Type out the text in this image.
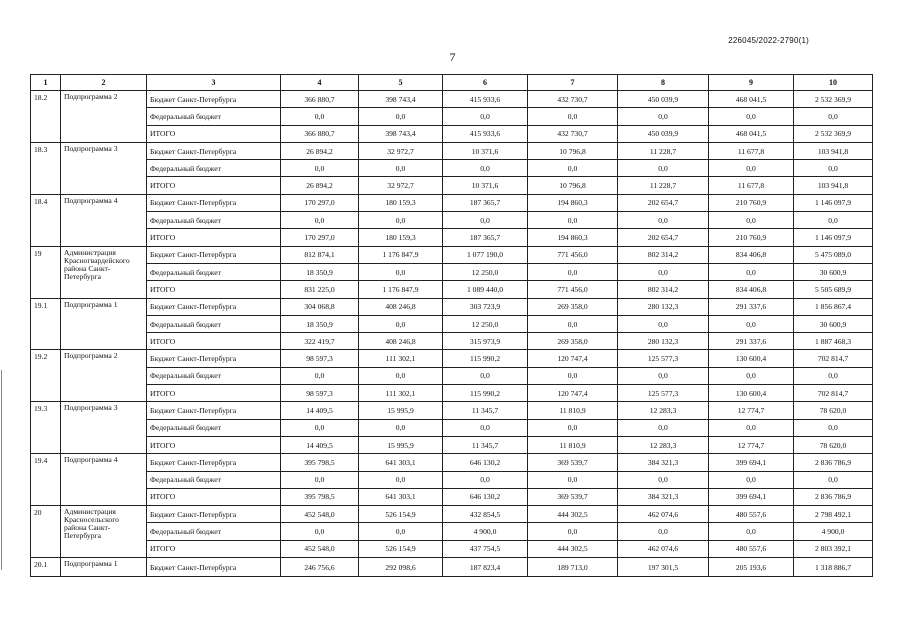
226045/2022-2790(1)
7
1	2	3	4	5	6	7	8	9	10
18.2	Подпрограмма 2	Бюджет Санкт-Петербурга	366 880,7	398 743,4	415 933,6	432 730,7	450 039,9	468 041,5	2 532 369,9
		Федеральный бюджет	0,0	0,0	0,0	0,0	0,0	0,0	0,0
		ИТОГО	366 880,7	398 743,4	415 933,6	432 730,7	450 039,9	468 041,5	2 532 369,9
18.3	Подпрограмма 3	Бюджет Санкт-Петербурга	26 894,2	32 972,7	10 371,6	10 796,8	11 228,7	11 677,8	103 941,8
		Федеральный бюджет	0,0	0,0	0,0	0,0	0,0	0,0	0,0
		ИТОГО	26 894,2	32 972,7	10 371,6	10 796,8	11 228,7	11 677,8	103 941,8
18.4	Подпрограмма 4	Бюджет Санкт-Петербурга	170 297,0	180 159,3	187 365,7	194 860,3	202 654,7	210 760,9	1 146 097,9
		Федеральный бюджет	0,0	0,0	0,0	0,0	0,0	0,0	0,0
		ИТОГО	170 297,0	180 159,3	187 365,7	194 860,3	202 654,7	210 760,9	1 146 097,9
19	Администрация Красногвардейского района Санкт-Петербурга	Бюджет Санкт-Петербурга	812 874,1	1 176 847,9	1 077 190,0	771 456,0	802 314,2	834 406,8	5 475 089,0
		Федеральный бюджет	18 350,9	0,0	12 250,0	0,0	0,0	0,0	30 600,9
		ИТОГО	831 225,0	1 176 847,9	1 089 440,0	771 456,0	802 314,2	834 406,8	5 505 689,9
19.1	Подпрограмма 1	Бюджет Санкт-Петербурга	304 068,8	408 246,8	303 723,9	269 358,0	280 132,3	291 337,6	1 856 867,4
		Федеральный бюджет	18 350,9	0,0	12 250,0	0,0	0,0	0,0	30 600,9
		ИТОГО	322 419,7	408 246,8	315 973,9	269 358,0	280 132,3	291 337,6	1 887 468,3
19.2	Подпрограмма 2	Бюджет Санкт-Петербурга	98 597,3	111 302,1	115 990,2	120 747,4	125 577,3	130 600,4	702 814,7
		Федеральный бюджет	0,0	0,0	0,0	0,0	0,0	0,0	0,0
		ИТОГО	98 597,3	111 302,1	115 990,2	120 747,4	125 577,3	130 600,4	702 814,7
19.3	Подпрограмма 3	Бюджет Санкт-Петербурга	14 409,5	15 995,9	11 345,7	11 810,9	12 283,3	12 774,7	78 620,0
		Федеральный бюджет	0,0	0,0	0,0	0,0	0,0	0,0	0,0
		ИТОГО	14 409,5	15 995,9	11 345,7	11 810,9	12 283,3	12 774,7	78 620,0
19.4	Подпрограмма 4	Бюджет Санкт-Петербурга	395 798,5	641 303,1	646 130,2	369 539,7	384 321,3	399 694,1	2 836 786,9
		Федеральный бюджет	0,0	0,0	0,0	0,0	0,0	0,0	0,0
		ИТОГО	395 798,5	641 303,1	646 130,2	369 539,7	384 321,3	399 694,1	2 836 786,9
20	Администрация Красносельского района Санкт-Петербурга	Бюджет Санкт-Петербурга	452 548,0	526 154,9	432 854,5	444 302,5	462 074,6	480 557,6	2 798 492,1
		Федеральный бюджет	0,0	0,0	4 900,0	0,0	0,0	0,0	4 900,0
		ИТОГО	452 548,0	526 154,9	437 754,5	444 302,5	462 074,6	480 557,6	2 803 392,1
20.1	Подпрограмма 1	Бюджет Санкт-Петербурга	246 756,6	292 098,6	187 823,4	189 713,0	197 301,5	205 193,6	1 318 886,7
